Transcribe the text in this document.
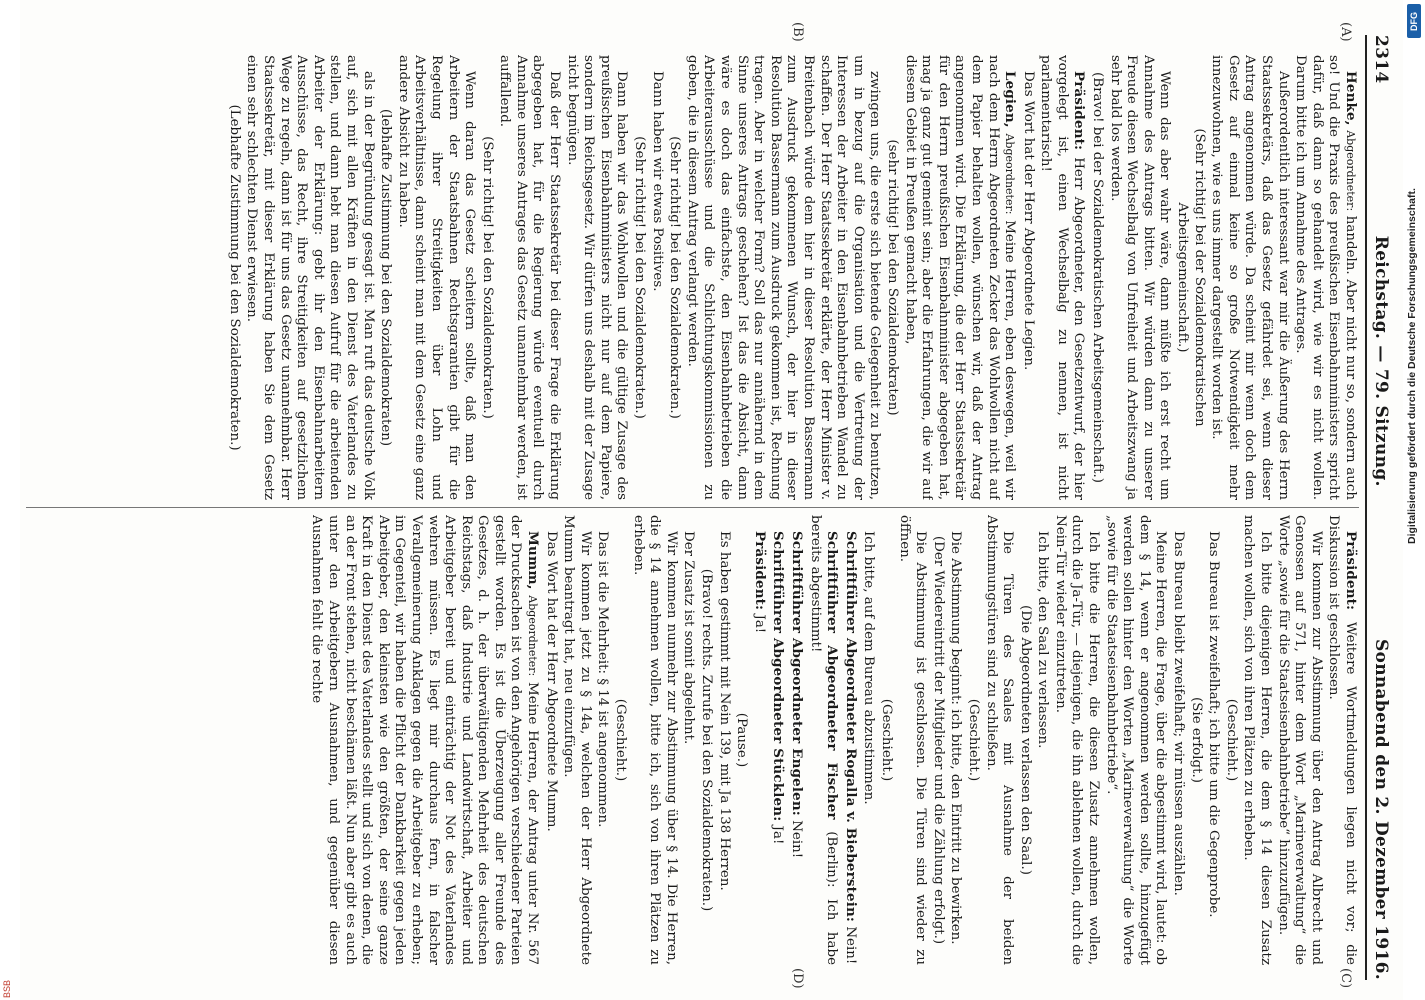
2314
Reichstag. — 79. Sitzung.
Sonnabend den 2. Dezember 1916.
(A)
(B)
(C)
(D)

Henke, Abgeordneter: handeln. Aber nicht nur so, sondern auch so! Und die Praxis des preußischen Eisenbahnministers spricht dafür, daß dann so gehandelt wird, wie wir es nicht wollen. Darum bitte ich um Annahme des Antrages.

Außerordentlich interessant war mir die Äußerung des Herrn Staatssekretärs, daß das Gesetz gefährdet sei, wenn dieser Antrag angenommen würde. Da scheint mir wenn doch dem Gesetz auf einmal keine so große Notwendigkeit mehr innezuwohnen, wie es uns immer dargestellt worden ist.

(Sehr richtig! bei der Sozialdemokratischen Arbeitsgemeinschaft.)

Wenn das aber wahr wäre, dann müßte ich erst recht um Annahme des Antrags bitten. Wir würden dann zu unserer Freude diesen Wechselbalg von Unfreiheit und Arbeitszwang ja sehr bald los werden.

(Bravo! bei der Sozialdemokratischen Arbeitsgemeinschaft.)

Präsident: Herr Abgeordneter, den Gesetzentwurf, der hier vorgelegt ist, einen Wechselbalg zu nennen, ist nicht parlamentarisch!

Das Wort hat der Herr Abgeordnete Legien.

Legien, Abgeordneter: Meine Herren, eben deswegen, weil wir nach dem Herrn Abgeordneten Zecker das Wohlwollen nicht auf dem Papier behalten wollen, wünschen wir, daß der Antrag angenommen wird. Die Erklärung, die der Herr Staatssekretär für den Herrn preußischen Eisenbahnminister abgegeben hat, mag ja ganz gut gemeint sein; aber die Erfahrungen, die wir auf diesem Gebiet in Preußen gemacht haben,

(sehr richtig! bei den Sozialdemokraten)

zwingen uns, die erste sich bietende Gelegenheit zu benutzen, um in bezug auf die Organisation und die Vertretung der Interessen der Arbeiter in den Eisenbahnbetrieben Wandel zu schaffen. Der Herr Staatssekretär erklärte, der Herr Minister v. Breitenbach würde dem hier in dieser Resolution Bassermann zum Ausdruck gekommenen Wunsch, der hier in dieser Resolution Bassermann zum Ausdruck gekommen ist, Rechnung tragen. Aber in welcher Form? Soll das nur annähernd in dem Sinne unseres Antrags geschehen? Ist das die Absicht, dann wäre es doch das einfachste, den Eisenbahnbetrieben die Arbeiterausschüsse und die Schlichtungskommissionen zu geben, die in diesem Antrag verlangt werden.

(Sehr richtig! bei den Sozialdemokraten.)

Dann haben wir etwas Positives.

(Sehr richtig! bei den Sozialdemokraten.)

Dann haben wir das Wohlwollen und die gültige Zusage des preußischen Eisenbahnministers nicht nur auf dem Papiere, sondern im Reichsgesetz. Wir dürfen uns deshalb mit der Zusage nicht begnügen.

Daß der Herr Staatssekretär bei dieser Frage die Erklärung abgegeben hat, für die Regierung würde eventuell durch Annahme unseres Antrages das Gesetz unannehmbar werden, ist auffallend.

(Sehr richtig! bei den Sozialdemokraten.)

Wenn daran das Gesetz scheitern sollte, daß man den Arbeitern der Staatsbahnen Rechtsgarantien gibt für die Regelung ihrer Streitigkeiten über Lohn und Arbeitsverhältnisse, dann scheint man mit dem Gesetz eine ganz andere Absicht zu haben.

(lebhafte Zustimmung bei den Sozialdemokraten)

als in der Begründung gesagt ist. Man ruft das deutsche Volk auf, sich mit allen Kräften in den Dienst des Vaterlandes zu stellen, und dann hebt man diesen Aufruf für die arbeitenden Arbeiter der Erklärung: gebt ihr den Eisenbahnarbeitern Ausschüsse, das Recht, ihre Streitigkeiten auf gesetzlichem Wege zu regeln, dann ist für uns das Gesetz unannehmbar. Herr Staatssekretär, mit dieser Erklärung haben Sie dem Gesetz einen sehr schlechten Dienst erwiesen.

(Lebhafte Zustimmung bei den Sozialdemokraten.)

Präsident: Weitere Wortmeldungen liegen nicht vor; die Diskussion ist geschlossen.

Wir kommen zur Abstimmung über den Antrag Albrecht und Genossen auf 571, hinter dem Wort „Marineverwaltung“ die Worte „sowie für die Staatseisenbahnbetriebe“ hinzuzufügen.

Ich bitte diejenigen Herren, die dem § 14 diesen Zusatz machen wollen, sich von ihren Plätzen zu erheben.

(Geschieht.)

Das Bureau ist zweifelhaft; ich bitte um die Gegenprobe.

(Sie erfolgt.)

Das Bureau bleibt zweifelhaft; wir müssen auszählen.

Meine Herren, die Frage, über die abgestimmt wird, lautet: ob dem § 14, wenn er angenommen werden sollte, hinzugefügt werden sollen hinter den Worten „Marineverwaltung“ die Worte „sowie für die Staatseisenbahnbetriebe“.

Ich bitte die Herren, die diesen Zusatz annehmen wollen, durch die Ja-Tür, — diejenigen, die ihn ablehnen wollen, durch die Nein-Tür wieder einzutreten.

Ich bitte, den Saal zu verlassen.

(Die Abgeordneten verlassen den Saal.)

Die Türen des Saales mit Ausnahme der beiden Abstimmungstüren sind zu schließen.

(Geschieht.)

Die Abstimmung beginnt: ich bitte, den Eintritt zu bewirken.

(Der Wiedereintritt der Mitglieder und die Zählung erfolgt.)

Die Abstimmung ist geschlossen. Die Türen sind wieder zu öffnen.

(Geschieht.)

Ich bitte, auf dem Bureau abzustimmen.

Schriftführer Abgeordneter Rogalla v. Bieberstein: Nein!

Schriftführer Abgeordneter Fischer (Berlin): Ich habe bereits abgestimmt!

Schriftführer Abgeordneter Engelen: Nein!

Schriftführer Abgeordneter Stücklen: Ja!

Präsident: Ja!

(Pause.)

Es haben gestimmt mit Nein 139, mit Ja 138 Herren.

(Bravo! rechts. Zurufe bei den Sozialdemokraten.)

Der Zusatz ist somit abgelehnt.

Wir kommen nunmehr zur Abstimmung über § 14. Die Herren, die § 14 annehmen wollen, bitte ich, sich von ihren Plätzen zu erheben.

(Geschieht.)

Das ist die Mehrheit: § 14 ist angenommen.

Wir kommen jetzt zu § 14a, welchen der Herr Abgeordnete Mumm beantragt hat, neu einzufügen.

Das Wort hat der Herr Abgeordnete Mumm.

Mumm, Abgeordneter: Meine Herren, der Antrag unter Nr. 567 der Drucksachen ist von den Angehörigen verschiedener Parteien gestellt worden. Es ist die Überzeugung aller Freunde des Gesetzes, d. h. der überwältigenden Mehrheit des deutschen Reichstags, daß Industrie und Landwirtschaft, Arbeiter und Arbeitgeber bereit und einträchtig der Not des Vaterlandes wehren müssen. Es liegt mir durchaus fern, in falscher Verallgemeinerung Anklagen gegen die Arbeitgeber zu erheben; im Gegenteil, wir haben die Pflicht der Dankbarkeit gegen jeden Arbeitgeber, den kleinsten wie den größten, der seine ganze Kraft in den Dienst des Vaterlandes stellt und sich von denen, die an der Front stehen, nicht beschämen läßt. Nun aber gibt es auch unter den Arbeitgebern Ausnahmen, und gegenüber diesen Ausnahmen fehlt die rechte

DFG
Digitalisierung gefördert durch die Deutsche Forschungsgemeinschaft.
BSB
